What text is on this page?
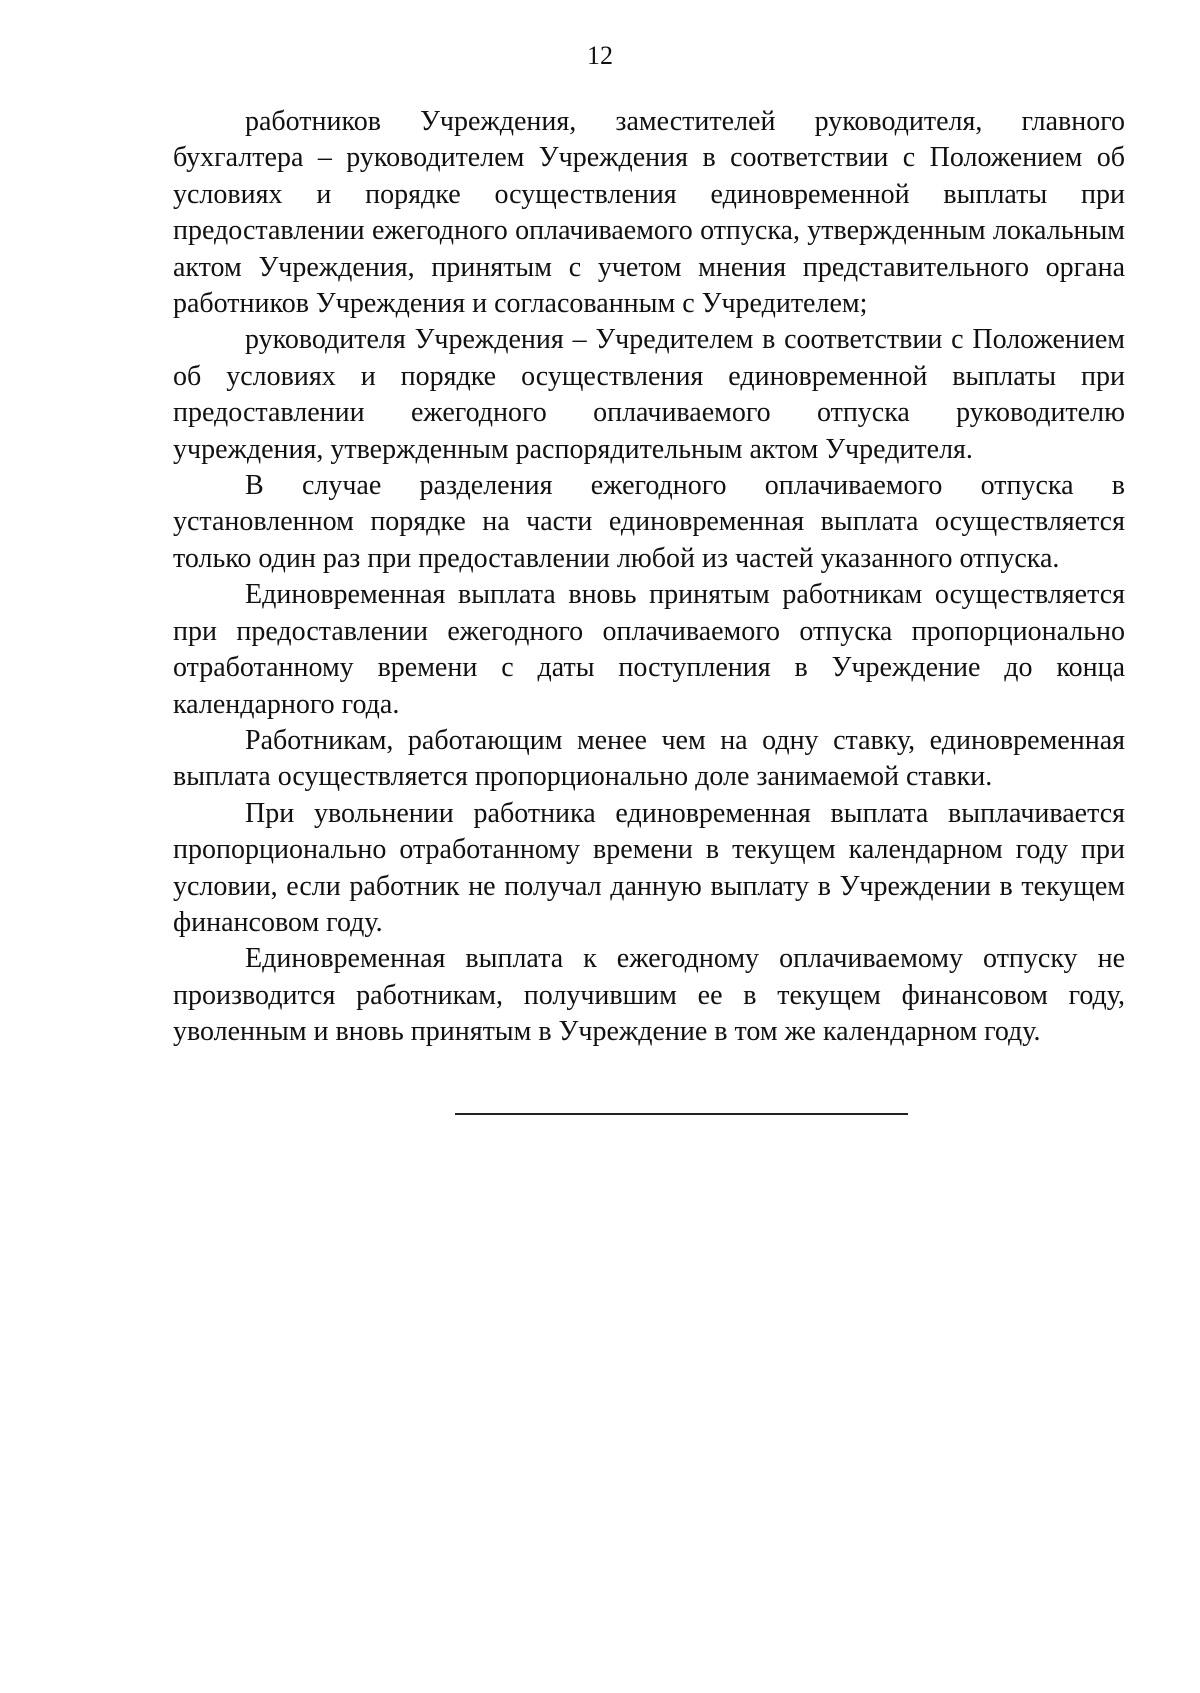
12

работников Учреждения, заместителей руководителя, главного бухгалтера – руководителем Учреждения в соответствии с Положением об условиях и порядке осуществления единовременной выплаты при предоставлении ежегодного оплачиваемого отпуска, утвержденным локальным актом Учреждения, принятым с учетом мнения представительного органа работников Учреждения и согласованным с Учредителем;

руководителя Учреждения – Учредителем в соответствии с Положением об условиях и порядке осуществления единовременной выплаты при предоставлении ежегодного оплачиваемого отпуска руководителю учреждения, утвержденным распорядительным актом Учредителя.

В случае разделения ежегодного оплачиваемого отпуска в установленном порядке на части единовременная выплата осуществляется только один раз при предоставлении любой из частей указанного отпуска.

Единовременная выплата вновь принятым работникам осуществляется при предоставлении ежегодного оплачиваемого отпуска пропорционально отработанному времени с даты поступления в Учреждение до конца календарного года.

Работникам, работающим менее чем на одну ставку, единовременная выплата осуществляется пропорционально доле занимаемой ставки.

При увольнении работника единовременная выплата выплачивается пропорционально отработанному времени в текущем календарном году при условии, если работник не получал данную выплату в Учреждении в текущем финансовом году.

Единовременная выплата к ежегодному оплачиваемому отпуску не производится работникам, получившим ее в текущем финансовом году, уволенным и вновь принятым в Учреждение в том же календарном году.
